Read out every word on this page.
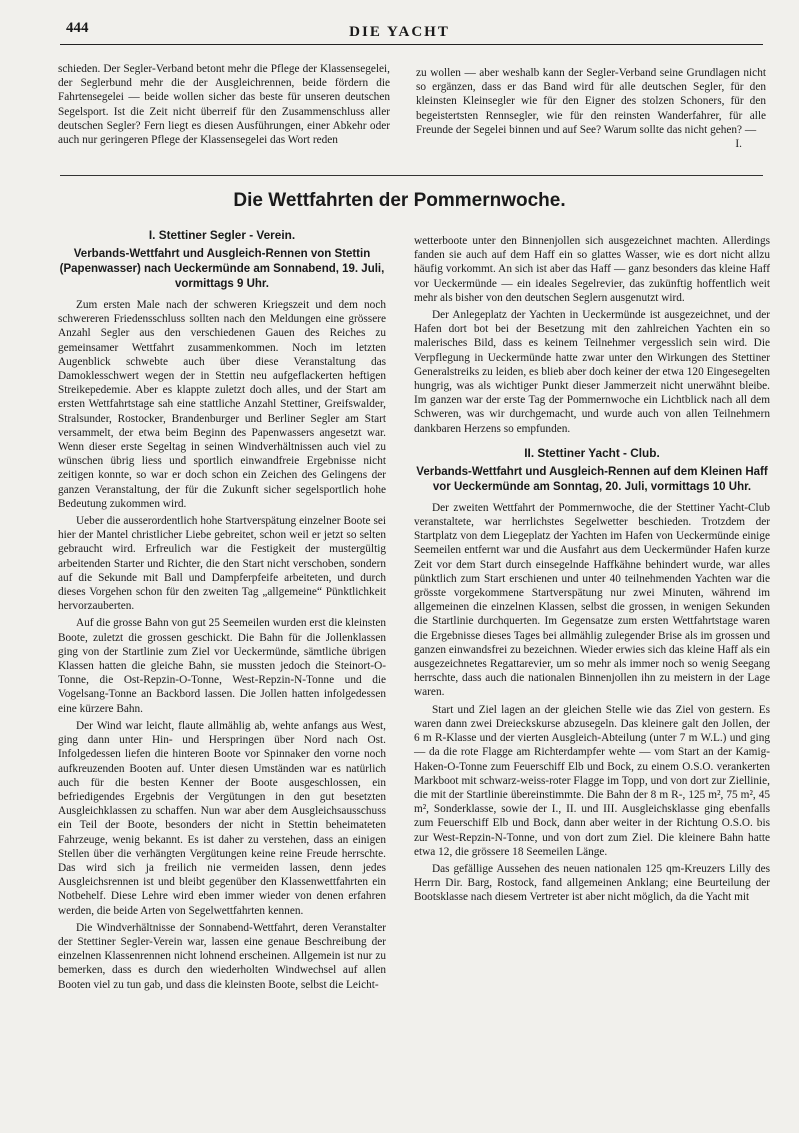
444	DIE YACHT

schieden. Der Segler-Verband betont mehr die Pflege der Klassensegelei, der Seglerbund mehr die der Ausgleichrennen, beide fördern die Fahrtensegelei — beide wollen sicher das beste für unseren deutschen Segelsport. Ist die Zeit nicht überreif für den Zusammenschluss aller deutschen Segler? Fern liegt es diesen Ausführungen, einer Abkehr oder auch nur geringeren Pflege der Klassensegelei das Wort reden

zu wollen — aber weshalb kann der Segler-Verband seine Grundlagen nicht so ergänzen, dass er das Band wird für alle deutschen Segler, für den kleinsten Kleinsegler wie für den Eigner des stolzen Schoners, für den begeistertsten Rennsegler, wie für den reinsten Wanderfahrer, für alle Freunde der Segelei binnen und auf See? Warum sollte das nicht gehen? —

I.
Die Wettfahrten der Pommernwoche.
I. Stettiner Segler - Verein.
Verbands-Wettfahrt und Ausgleich-Rennen von Stettin (Papenwasser) nach Ueckermünde am Sonnabend, 19. Juli, vormittags 9 Uhr.

Zum ersten Male nach der schweren Kriegszeit und dem noch schwereren Friedensschluss sollten nach den Meldungen eine grössere Anzahl Segler aus den verschiedenen Gauen des Reiches zu gemeinsamer Wettfahrt zusammenkommen. Noch im letzten Augenblick schwebte auch über diese Veranstaltung das Damoklesschwert wegen der in Stettin neu aufgeflackerten heftigen Streikepedemie. Aber es klappte zuletzt doch alles, und der Start am ersten Wettfahrtstage sah eine stattliche Anzahl Stettiner, Greifswalder, Stralsunder, Rostocker, Brandenburger und Berliner Segler am Start versammelt, der etwa beim Beginn des Papenwassers angesetzt war. Wenn dieser erste Segeltag in seinen Windverhältnissen auch viel zu wünschen übrig liess und sportlich einwandfreie Ergebnisse nicht zeitigen konnte, so war er doch schon ein Zeichen des Gelingens der ganzen Veranstaltung, der für die Zukunft sicher segelsportlich hohe Bedeutung zukommen wird.

Ueber die ausserordentlich hohe Startverspätung einzelner Boote sei hier der Mantel christlicher Liebe gebreitet, schon weil er jetzt so selten gebraucht wird. Erfreulich war die Festigkeit der mustergültig arbeitenden Starter und Richter, die den Start nicht verschoben, sondern auf die Sekunde mit Ball und Dampferpfeife arbeiteten, und durch dieses Vorgehen schon für den zweiten Tag „allgemeine“ Pünktlichkeit hervorzauberten.

Auf die grosse Bahn von gut 25 Seemeilen wurden erst die kleinsten Boote, zuletzt die grossen geschickt. Die Bahn für die Jollenklassen ging von der Startlinie zum Ziel vor Ueckermünde, sämtliche übrigen Klassen hatten die gleiche Bahn, sie mussten jedoch die Steinort-O-Tonne, die Ost-Repzin-O-Tonne, West-Repzin-N-Tonne und die Vogelsang-Tonne an Backbord lassen. Die Jollen hatten infolgedessen eine kürzere Bahn.

Der Wind war leicht, flaute allmählig ab, wehte anfangs aus West, ging dann unter Hin- und Herspringen über Nord nach Ost. Infolgedessen liefen die hinteren Boote vor Spinnaker den vorne noch aufkreuzenden Booten auf. Unter diesen Umständen war es natürlich auch für die besten Kenner der Boote ausgeschlossen, ein befriedigendes Ergebnis der Vergütungen in den gut besetzten Ausgleichklassen zu schaffen. Nun war aber dem Ausgleichsausschuss ein Teil der Boote, besonders der nicht in Stettin beheimateten Fahrzeuge, wenig bekannt. Es ist daher zu verstehen, dass an einigen Stellen über die verhängten Vergütungen keine reine Freude herrschte. Das wird sich ja freilich nie vermeiden lassen, denn jedes Ausgleichsrennen ist und bleibt gegenüber den Klassenwettfahrten ein Notbehelf. Diese Lehre wird eben immer wieder von denen erfahren werden, die beide Arten von Segelwettfahrten kennen.

Die Windverhältnisse der Sonnabend-Wettfahrt, deren Veranstalter der Stettiner Segler-Verein war, lassen eine genaue Beschreibung der einzelnen Klassenrennen nicht lohnend erscheinen. Allgemein ist nur zu bemerken, dass es durch den wiederholten Windwechsel auf allen Booten viel zu tun gab, und dass die kleinsten Boote, selbst die Leicht-

wetterboote unter den Binnenjollen sich ausgezeichnet machten. Allerdings fanden sie auch auf dem Haff ein so glattes Wasser, wie es dort nicht allzu häufig vorkommt. An sich ist aber das Haff — ganz besonders das kleine Haff vor Ueckermünde — ein ideales Segelrevier, das zukünftig hoffentlich weit mehr als bisher von den deutschen Seglern ausgenutzt wird.

Der Anlegeplatz der Yachten in Ueckermünde ist ausgezeichnet, und der Hafen dort bot bei der Besetzung mit den zahlreichen Yachten ein so malerisches Bild, dass es keinem Teilnehmer vergesslich sein wird. Die Verpflegung in Ueckermünde hatte zwar unter den Wirkungen des Stettiner Generalstreiks zu leiden, es blieb aber doch keiner der etwa 120 Eingesegelten hungrig, was als wichtiger Punkt dieser Jammerzeit nicht unerwähnt bleibe. Im ganzen war der erste Tag der Pommernwoche ein Lichtblick nach all dem Schweren, was wir durchgemacht, und wurde auch von allen Teilnehmern dankbaren Herzens so empfunden.

II. Stettiner Yacht - Club.
Verbands-Wettfahrt und Ausgleich-Rennen auf dem Kleinen Haff vor Ueckermünde am Sonntag, 20. Juli, vormittags 10 Uhr.

Der zweiten Wettfahrt der Pommernwoche, die der Stettiner Yacht-Club veranstaltete, war herrlichstes Segelwetter beschieden. Trotzdem der Startplatz von dem Liegeplatz der Yachten im Hafen von Ueckermünde einige Seemeilen entfernt war und die Ausfahrt aus dem Ueckermünder Hafen kurze Zeit vor dem Start durch einsegelnde Haffkähne behindert wurde, war alles pünktlich zum Start erschienen und unter 40 teilnehmenden Yachten war die grösste vorgekommene Startverspätung nur zwei Minuten, während im allgemeinen die einzelnen Klassen, selbst die grossen, in wenigen Sekunden die Startlinie durchquerten. Im Gegensatze zum ersten Wettfahrtstage waren die Ergebnisse dieses Tages bei allmählig zulegender Brise als im grossen und ganzen einwandsfrei zu bezeichnen. Wieder erwies sich das kleine Haff als ein ausgezeichnetes Regattarevier, um so mehr als immer noch so wenig Seegang herrschte, dass auch die nationalen Binnenjollen ihn zu meistern in der Lage waren.

Start und Ziel lagen an der gleichen Stelle wie das Ziel von gestern. Es waren dann zwei Dreieckskurse abzusegeln. Das kleinere galt den Jollen, der 6 m R-Klasse und der vierten Ausgleich-Abteilung (unter 7 m W.L.) und ging — da die rote Flagge am Richterdampfer wehte — vom Start an der Kamig-Haken-O-Tonne zum Feuerschiff Elb und Bock, zu einem O.S.O. verankerten Markboot mit schwarz-weiss-roter Flagge im Topp, und von dort zur Ziellinie, die mit der Startlinie übereinstimmte. Die Bahn der 8 m R-, 125 m², 75 m², 45 m², Sonderklasse, sowie der I., II. und III. Ausgleichsklasse ging ebenfalls zum Feuerschiff Elb und Bock, dann aber weiter in der Richtung O.S.O. bis zur West-Repzin-N-Tonne, und von dort zum Ziel. Die kleinere Bahn hatte etwa 12, die grössere 18 Seemeilen Länge.

Das gefällige Aussehen des neuen nationalen 125 qm-Kreuzers Lilly des Herrn Dir. Barg, Rostock, fand allgemeinen Anklang; eine Beurteilung der Bootsklasse nach diesem Vertreter ist aber nicht möglich, da die Yacht mit
